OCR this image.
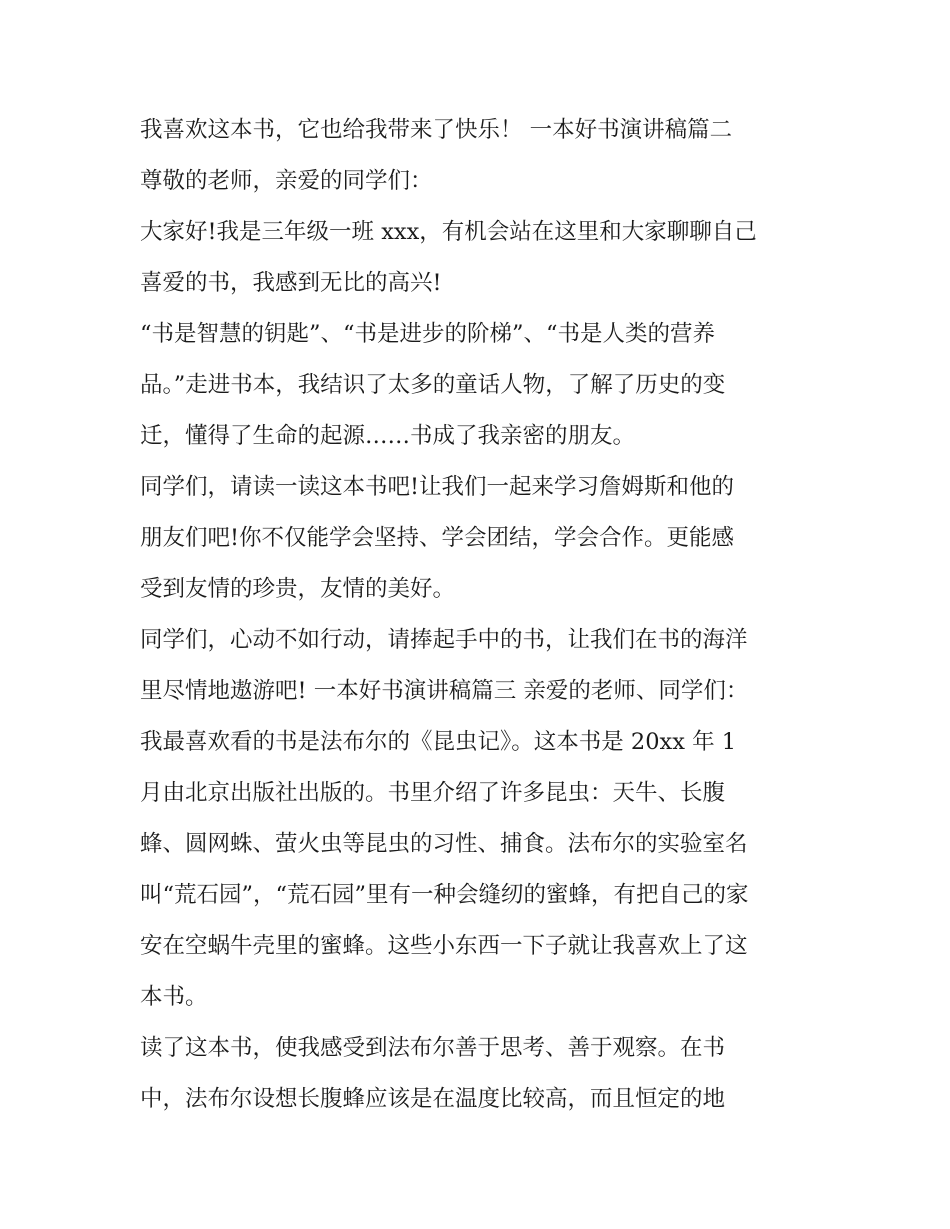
我喜欢这本书，它也给我带来了快乐！ 一本好书演讲稿篇二
尊敬的老师，亲爱的同学们：
大家好!我是三年级一班 xxx，有机会站在这里和大家聊聊自己
喜爱的书，我感到无比的高兴!
“书是智慧的钥匙”、“书是进步的阶梯”、“书是人类的营养
品。”走进书本，我结识了太多的童话人物，了解了历史的变
迁，懂得了生命的起源……书成了我亲密的朋友。
同学们，请读一读这本书吧!让我们一起来学习詹姆斯和他的
朋友们吧!你不仅能学会坚持、学会团结，学会合作。更能感
受到友情的珍贵，友情的美好。
同学们，心动不如行动，请捧起手中的书，让我们在书的海洋
里尽情地遨游吧! 一本好书演讲稿篇三 亲爱的老师、同学们：
我最喜欢看的书是法布尔的《昆虫记》。这本书是 20xx 年 1
月由北京出版社出版的。书里介绍了许多昆虫：天牛、长腹
蜂、圆网蛛、萤火虫等昆虫的习性、捕食。法布尔的实验室名
叫“荒石园”，“荒石园”里有一种会缝纫的蜜蜂，有把自己的家
安在空蜗牛壳里的蜜蜂。这些小东西一下子就让我喜欢上了这
本书。
读了这本书，使我感受到法布尔善于思考、善于观察。在书
中，法布尔设想长腹蜂应该是在温度比较高，而且恒定的地
